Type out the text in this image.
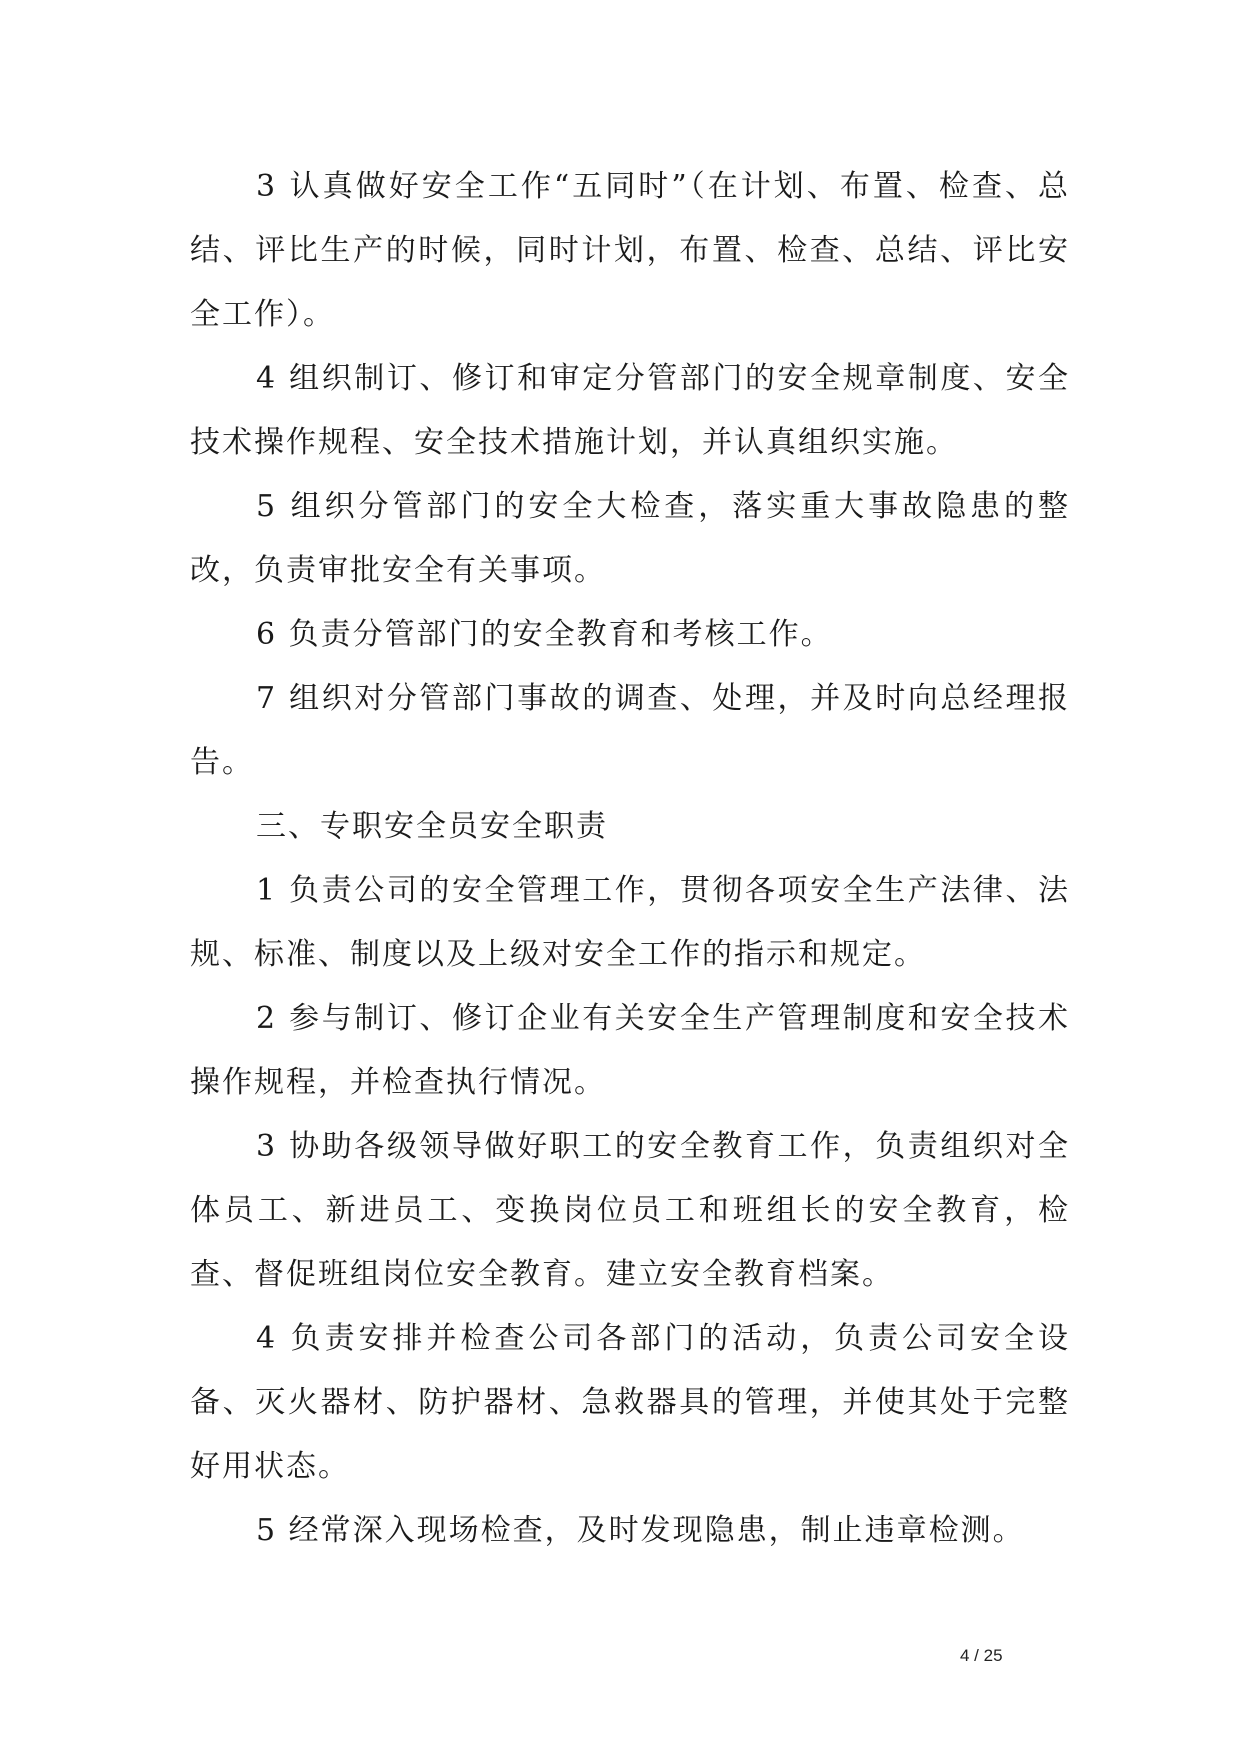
3 认真做好安全工作“五同时”（在计划、布置、检查、总结、评比生产的时候，同时计划，布置、检查、总结、评比安全工作）。

4 组织制订、修订和审定分管部门的安全规章制度、安全技术操作规程、安全技术措施计划，并认真组织实施。

5 组织分管部门的安全大检查，落实重大事故隐患的整改，负责审批安全有关事项。

6 负责分管部门的安全教育和考核工作。

7 组织对分管部门事故的调查、处理，并及时向总经理报告。

三、专职安全员安全职责

1 负责公司的安全管理工作，贯彻各项安全生产法律、法规、标准、制度以及上级对安全工作的指示和规定。

2 参与制订、修订企业有关安全生产管理制度和安全技术操作规程，并检查执行情况。

3 协助各级领导做好职工的安全教育工作，负责组织对全体员工、新进员工、变换岗位员工和班组长的安全教育，检查、督促班组岗位安全教育。建立安全教育档案。

4 负责安排并检查公司各部门的活动，负责公司安全设备、灭火器材、防护器材、急救器具的管理，并使其处于完整好用状态。

5 经常深入现场检查，及时发现隐患，制止违章检测。

4 / 25
